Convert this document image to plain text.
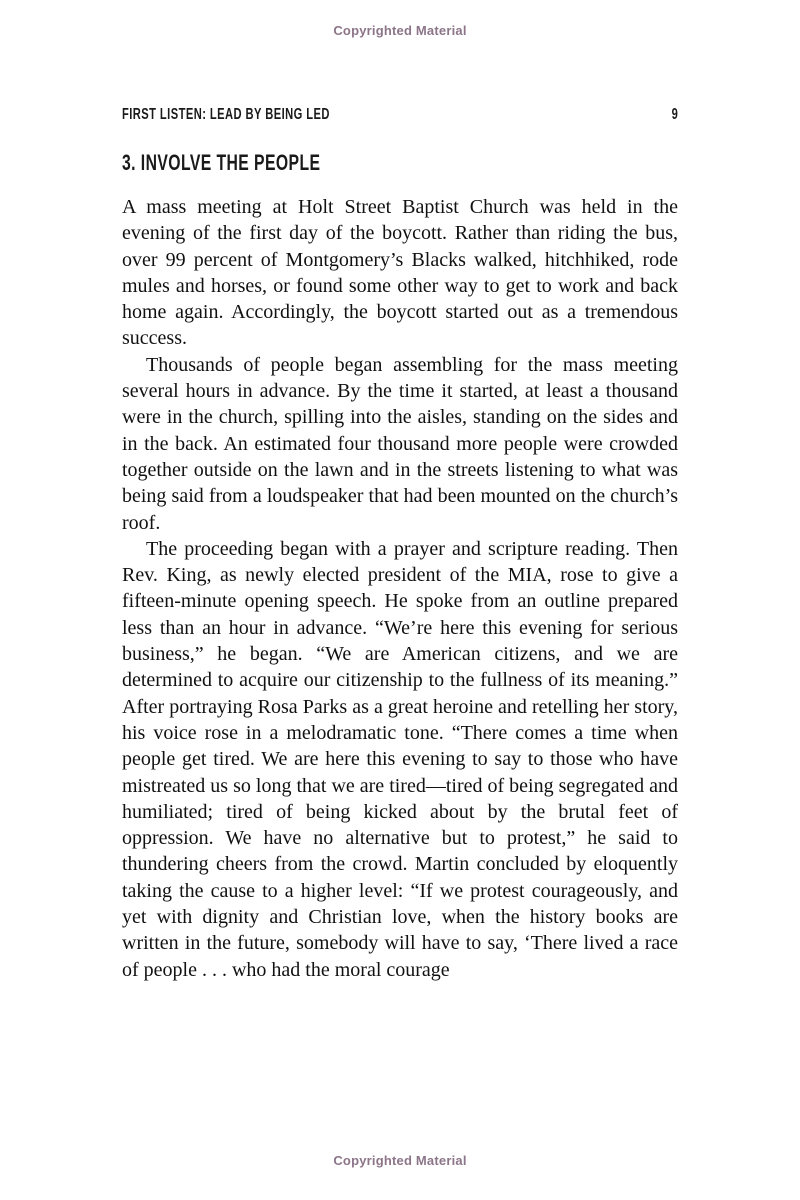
Copyrighted Material
FIRST LISTEN: LEAD BY BEING LED	9
3. INVOLVE THE PEOPLE

A mass meeting at Holt Street Baptist Church was held in the evening of the first day of the boycott. Rather than riding the bus, over 99 percent of Montgomery’s Blacks walked, hitchhiked, rode mules and horses, or found some other way to get to work and back home again. Accordingly, the boycott started out as a tremendous success.

Thousands of people began assembling for the mass meeting several hours in advance. By the time it started, at least a thousand were in the church, spilling into the aisles, standing on the sides and in the back. An estimated four thousand more people were crowded together outside on the lawn and in the streets listening to what was being said from a loudspeaker that had been mounted on the church’s roof.

The proceeding began with a prayer and scripture reading. Then Rev. King, as newly elected president of the MIA, rose to give a fifteen-minute opening speech. He spoke from an outline prepared less than an hour in advance. “We’re here this evening for serious business,” he began. “We are American citizens, and we are determined to acquire our citizenship to the fullness of its meaning.” After portraying Rosa Parks as a great heroine and retelling her story, his voice rose in a melodramatic tone. “There comes a time when people get tired. We are here this evening to say to those who have mistreated us so long that we are tired—tired of being segregated and humiliated; tired of being kicked about by the brutal feet of oppression. We have no alternative but to protest,” he said to thundering cheers from the crowd. Martin concluded by eloquently taking the cause to a higher level: “If we protest courageously, and yet with dignity and Christian love, when the history books are written in the future, somebody will have to say, ‘There lived a race of people . . . who had the moral courage

Copyrighted Material
